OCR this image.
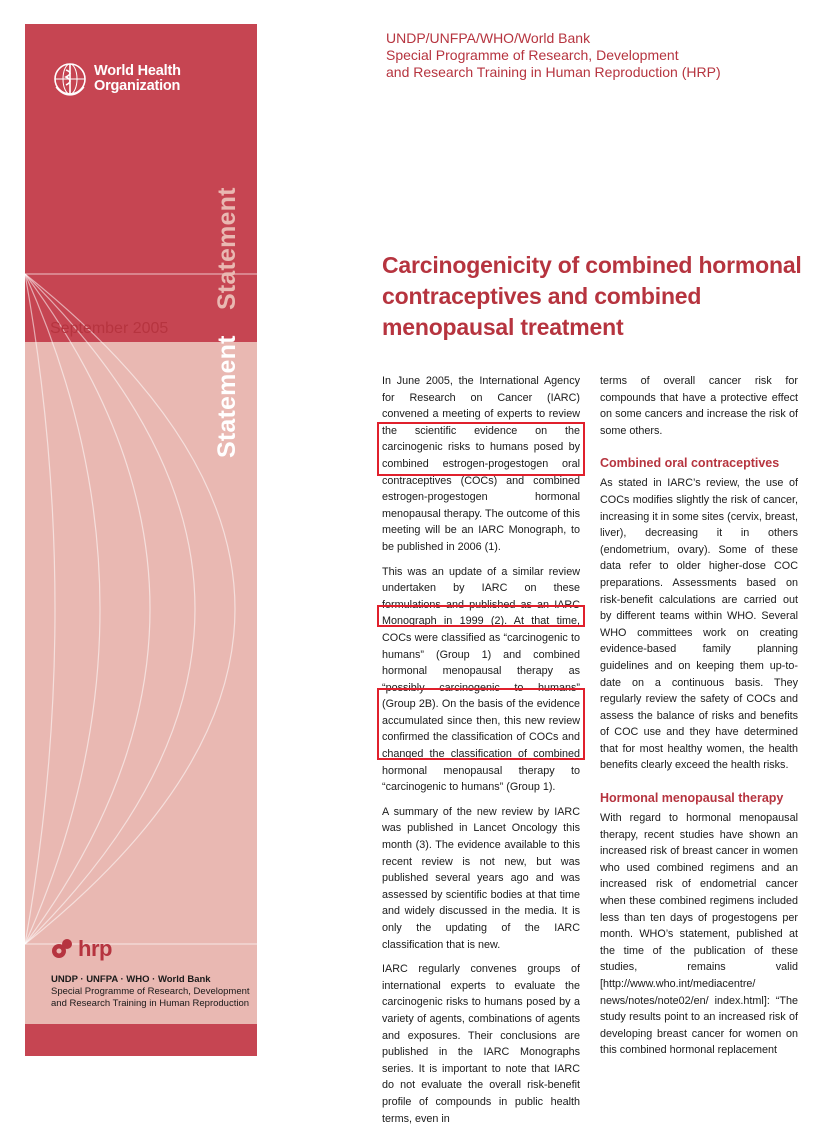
World Health
Organization
Statement
Statement
September 2005
hrp
UNDP · UNFPA · WHO · World Bank
Special Programme of Research, Development
and Research Training in Human Reproduction
UNDP/UNFPA/WHO/World Bank
Special Programme of Research, Development
and Research Training in Human Reproduction (HRP)
Carcinogenicity of combined hormonal contraceptives and combined menopausal treatment

In June 2005, the International Agency for Research on Cancer (IARC) convened a meeting of experts to review the scientific evidence on the carcinogenic risks to humans posed by combined estrogen-progestogen oral contraceptives (COCs) and combined estrogen-progestogen hormonal menopausal therapy. The outcome of this meeting will be an IARC Monograph, to be published in 2006 (1).

This was an update of a similar review undertaken by IARC on these formulations and published as an IARC Monograph in 1999 (2). At that time, COCs were classified as “carcinogenic to humans” (Group 1) and combined hormonal menopausal therapy as “possibly carcinogenic to humans” (Group 2B). On the basis of the evidence accumulated since then, this new review confirmed the classification of COCs and changed the classification of combined hormonal menopausal therapy to “carcinogenic to humans” (Group 1).

A summary of the new review by IARC was published in Lancet Oncology this month (3). The evidence available to this recent review is not new, but was published several years ago and was assessed by scientific bodies at that time and widely discussed in the media. It is only the updating of the IARC classification that is new.

IARC regularly convenes groups of international experts to evaluate the carcinogenic risks to humans posed by a variety of agents, combinations of agents and exposures. Their conclusions are published in the IARC Monographs series. It is important to note that IARC do not evaluate the overall risk-benefit profile of compounds in public health terms, even in

terms of overall cancer risk for compounds that have a protective effect on some cancers and increase the risk of some others.

Combined oral contraceptives

As stated in IARC’s review, the use of COCs modifies slightly the risk of cancer, increasing it in some sites (cervix, breast, liver), decreasing it in others (endometrium, ovary). Some of these data refer to older higher-dose COC preparations. Assessments based on risk-benefit calculations are carried out by different teams within WHO. Several WHO committees work on creating evidence-based family planning guidelines and on keeping them up-to-date on a continuous basis. They regularly review the safety of COCs and assess the balance of risks and benefits of COC use and they have determined that for most healthy women, the health benefits clearly exceed the health risks.

Hormonal menopausal therapy

With regard to hormonal menopausal therapy, recent studies have shown an increased risk of breast cancer in women who used combined regimens and an increased risk of endometrial cancer when these combined regimens included less than ten days of progestogens per month. WHO’s statement, published at the time of the publication of these studies, remains valid [http://www.who.int/mediacentre/ news/notes/note02/en/ index.html]: “The study results point to an increased risk of developing breast cancer for women on this combined hormonal replacement
